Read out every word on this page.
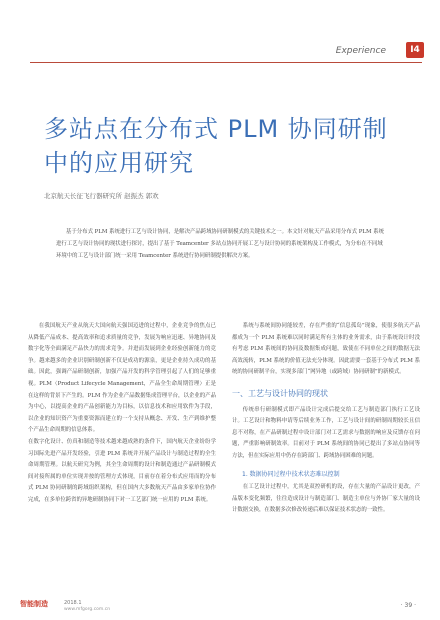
Experience	Ⅰ4
多站点在分布式 PLM 协同研制中的应用研究
北京航天长征飞行器研究所 赵振杰 郭欢
基于分布式 PLM 系统进行工艺与设计协同，是解决产品跨域协同研制模式的关键技术之一。本文针对航天产品采用分布式 PLM 系统进行工艺与设计协同的现状进行探讨，提出了基于 Teamcenter 多站点协同开展工艺与设计协同的系统架构及工作模式，为分布在不同域环境中的工艺与设计部门统一采用 Teamcenter 系统进行协同研制提供解决方案。

在我国航天产业从航天大国向航天强国迈进的过程中，企业竞争的焦点已从降低产品成本、提高效率和追求质量的竞争，发展为响应迅速、异地协同及数字化等全面满足产品快力的需求竞争。并进而发展到企业经验创新能力的竞争。越来越多的企业识别研制创新不仅是成功的源泉，更是企业持久成功的基础。因此，强调产品研制创新，加强产品开发的科学管理引起了人们的足够重视。PLM（Product Lifecycle Management，产品全生命周期管理）正是在这样的背景下产生的。PLM 作为企业产品数据集成管理平台，以企业的产品为中心，以提高企业的产品创新能力为目标，以信息技术和应用软件为手段，以企业的知识资产为重要资源而建立的一个支持从概念、开发、生产到维护整个产品生命周期的信息体系。
在数字化设计、仿真和制造等技术越来越成熟的条件下，国内航天企业纷纷学习国际先进产品开发经验，引进 PLM 系统并开展产品设计与制造过程的全生命周期管理。以航天研究为例，其全生命周期的设计和制造通过产品研制模式间对接所属的单位实现并按的管理方式体现，目前存在着分布式应用而的分布式 PLM 协同研制的跨域组织架构，但在国内大多数航天产品由多家单位协作完成，在多单位跨省的异地研制协同下对一工艺部门统一应用的 PLM 系统。

系统与系统间协同能较差，存在严重的“信息孤岛”现象，使很多航天产品都成为一个 PLM 系统难以同时满足所有主体的业务需求，由于系统设计时没有考虑 PLM 系统间的协同及数据集成问题，致使在不同单位之间的数据无法高效流转，PLM 系统的价值无法充分体现。因此需要一套基于分布式 PLM 系统的协同研制平台，实现多部门“网异地（或跨域）协同研制”的新模式。

一、工艺与设计协同的现状

传统串行研制模式即产品设计完成后提交给工艺与制造部门执行工艺设计。工艺设计和物料申请等后续业务工作，工艺与设计间的研制周期较长且信息不对称，在产品研制过程中设计部门对工艺需求与数据的响应及反馈存在问题，严重影响研制效率。目前对于 PLM 系统间的协同已提出了多站点协同等方法，但在实际应用中仍存在跨部门、跨域协同困难的问题。

1. 数据协同过程中技术状态难以控制

在工艺设计过程中，尤其是双控研机的设，存在大量的产品设计更改，产品版本变化频繁，往往造成设计与制造部门、制造主单位与外协厂家大量的设计数据交换，在数据多次修改传递后难以保证技术状态的一致性。

智能制造	2018.1
www.mfgorg.com.cn
· 39 ·
